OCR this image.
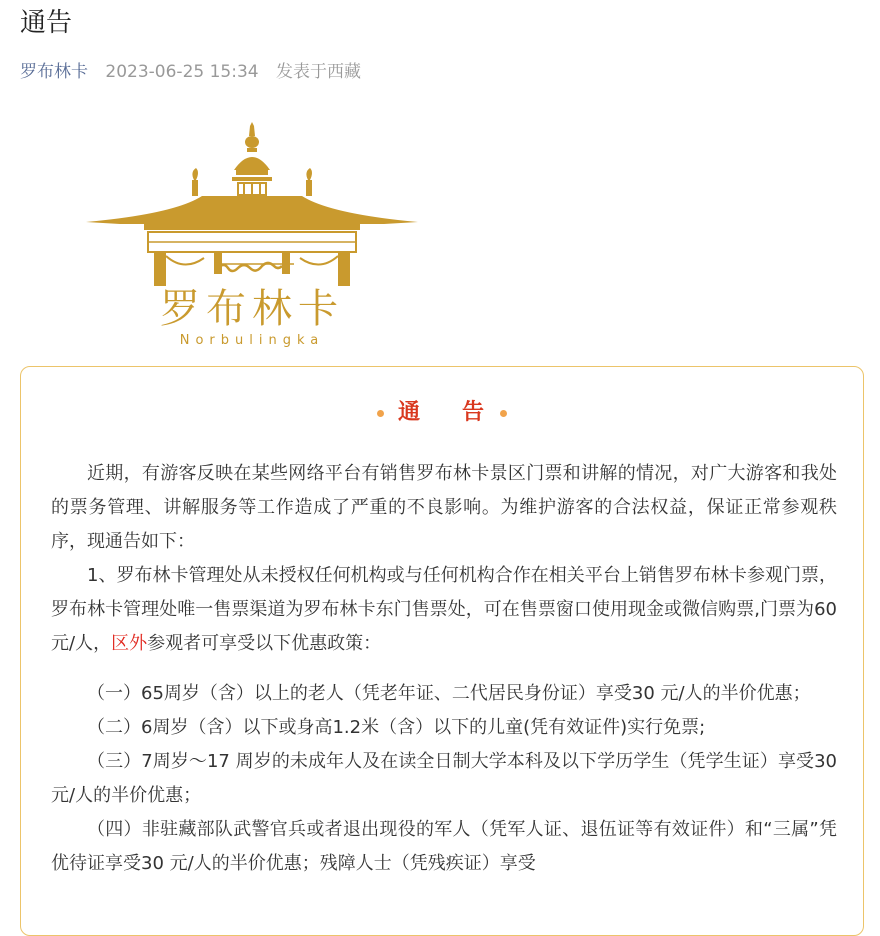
通告
罗布林卡 2023-06-25 15:34 发表于西藏
罗布林卡
Norbulingka
通 告

近期，有游客反映在某些网络平台有销售罗布林卡景区门票和讲解的情况，对广大游客和我处的票务管理、讲解服务等工作造成了严重的不良影响。为维护游客的合法权益，保证正常参观秩序，现通告如下：

1、罗布林卡管理处从未授权任何机构或与任何机构合作在相关平台上销售罗布林卡参观门票，罗布林卡管理处唯一售票渠道为罗布林卡东门售票处，可在售票窗口使用现金或微信购票,门票为60元/人，区外参观者可享受以下优惠政策：

（一）65周岁（含）以上的老人（凭老年证、二代居民身份证）享受30 元/人的半价优惠；

（二）6周岁（含）以下或身高1.2米（含）以下的儿童(凭有效证件)实行免票;

（三）7周岁～17 周岁的未成年人及在读全日制大学本科及以下学历学生（凭学生证）享受30元/人的半价优惠；

（四）非驻藏部队武警官兵或者退出现役的军人（凭军人证、退伍证等有效证件）和“三属”凭优待证享受30 元/人的半价优惠；残障人士（凭残疾证）享受
